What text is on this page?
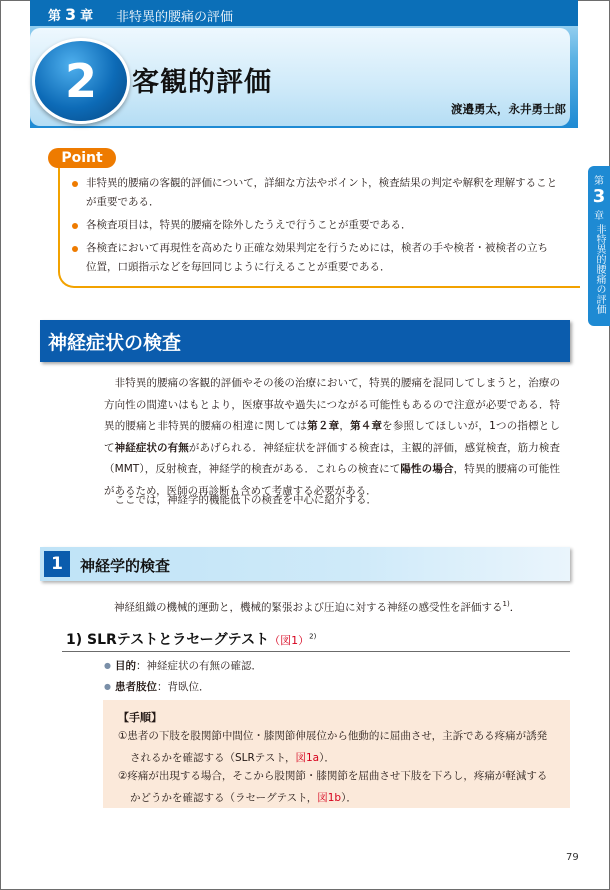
第 3 章 非特異的腰痛の評価
2	客観的評価
渡邉勇太，永井勇士郎
第
3
章
非特異的腰痛の評価
Point
非特異的腰痛の客観的評価について，詳細な方法やポイント，検査結果の判定や解釈を理解することが重要である．
各検査項目は，特異的腰痛を除外したうえで行うことが重要である．
各検査において再現性を高めたり正確な効果判定を行うためには，検者の手や検者・被検者の立ち位置，口頭指示などを毎回同じように行えることが重要である．
神経症状の検査

　非特異的腰痛の客観的評価やその後の治療において，特異的腰痛を混同してしまうと，治療の方向性の間違いはもとより，医療事故や過失につながる可能性もあるので注意が必要である．特異的腰痛と非特異的腰痛の相違に関しては第２章，第４章を参照してほしいが，1つの指標として神経症状の有無があげられる．神経症状を評価する検査は，主観的評価，感覚検査，筋力検査（MMT），反射検査，神経学的検査がある．これらの検査にて陽性の場合，特異的腰痛の可能性があるため，医師の再診断も含めて考慮する必要がある．

　ここでは，神経学的機能低下の検査を中心に紹介する．

1	神経学的検査

神経組織の機械的運動と，機械的緊張および圧迫に対する神経の感受性を評価する$^{1)}$．

1) SLRテストとラセーグテスト（図1）$^{2)}$
● 目的：神経症状の有無の確認．
● 患者肢位：背臥位．
【手順】

①患者の下肢を股関節中間位・膝関節伸展位から他動的に屈曲させ，主訴である疼痛が誘発
されるかを確認する（SLRテスト，図1a）．

②疼痛が出現する場合，そこから股関節・膝関節を屈曲させ下肢を下ろし，疼痛が軽減する
かどうかを確認する（ラセーグテスト，図1b）．

79
